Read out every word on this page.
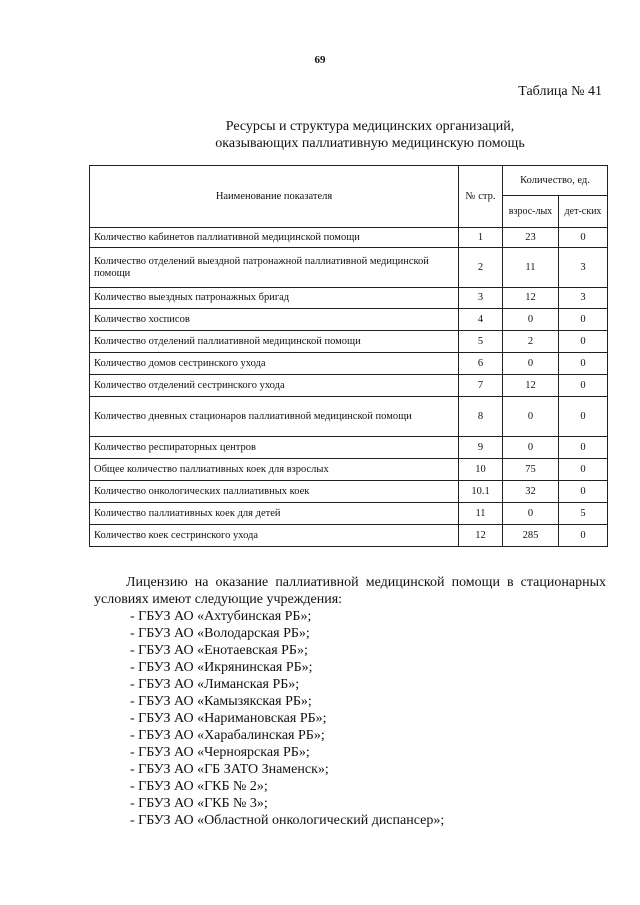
69
Таблица № 41
Ресурсы и структура медицинских организаций,
оказывающих паллиативную медицинскую помощь
Наименование показателя	№ стр.	Количество, ед.	
		взрос-лых	дет-ских
Количество кабинетов паллиативной медицинской помощи	1	23	0
Количество отделений выездной патронажной паллиативной медицинской помощи	2	11	3
Количество выездных патронажных бригад	3	12	3
Количество хосписов	4	0	0
Количество отделений паллиативной медицинской помощи	5	2	0
Количество домов сестринского ухода	6	0	0
Количество отделений сестринского ухода	7	12	0
Количество дневных стационаров паллиативной медицинской помощи	8	0	0
Количество респираторных центров	9	0	0
Общее количество паллиативных коек для взрослых	10	75	0
Количество онкологических паллиативных коек	10.1	32	0
Количество паллиативных коек для детей	11	0	5
Количество коек сестринского ухода	12	285	0

Лицензию на оказание паллиативной медицинской помощи в стационарных условиях имеют следующие учреждения:

- ГБУЗ АО «Ахтубинская РБ»;
- ГБУЗ АО «Володарская РБ»;
- ГБУЗ АО «Енотаевская РБ»;
- ГБУЗ АО «Икрянинская РБ»;
- ГБУЗ АО «Лиманская РБ»;
- ГБУЗ АО «Камызякская РБ»;
- ГБУЗ АО «Наримановская РБ»;
- ГБУЗ АО «Харабалинская РБ»;
- ГБУЗ АО «Черноярская РБ»;
- ГБУЗ АО «ГБ ЗАТО Знаменск»;
- ГБУЗ АО «ГКБ № 2»;
- ГБУЗ АО «ГКБ № 3»;
- ГБУЗ АО «Областной онкологический диспансер»;
